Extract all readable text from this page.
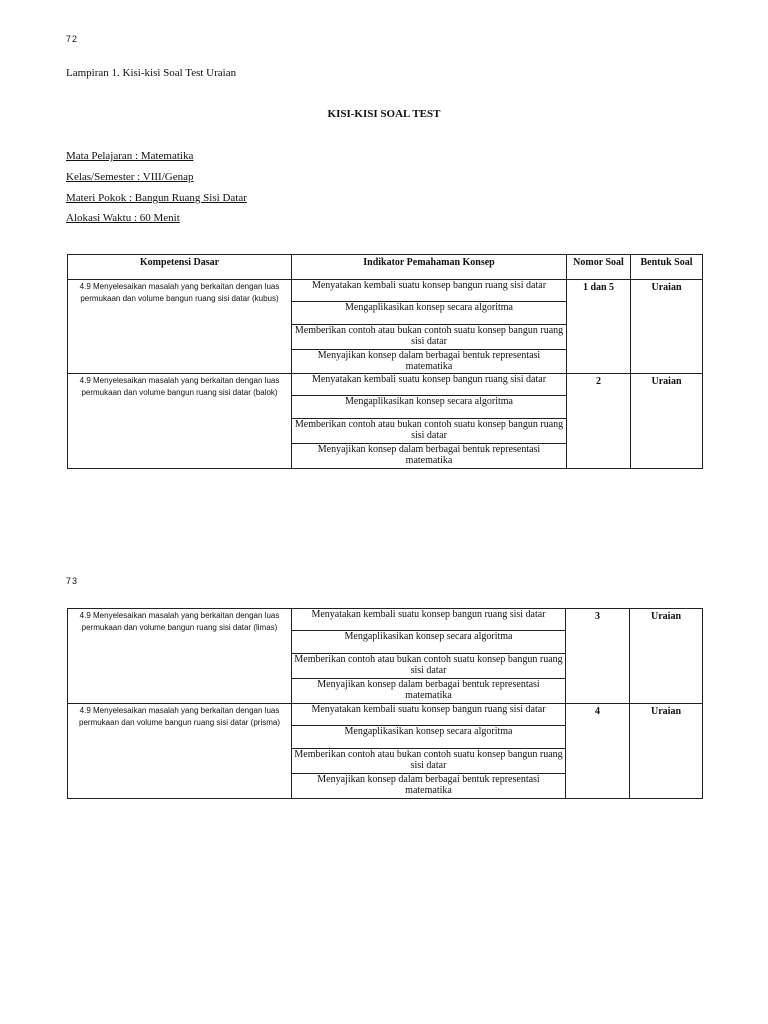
72
Lampiran 1. Kisi-kisi Soal Test Uraian
KISI-KISI SOAL TEST
Mata Pelajaran : Matematika
Kelas/Semester : VIII/Genap
Materi Pokok : Bangun Ruang Sisi Datar
Alokasi Waktu : 60 Menit
Kompetensi Dasar	Indikator Pemahaman Konsep	Nomor Soal	Bentuk Soal
4.9 Menyelesaikan masalah yang berkaitan dengan luas permukaan dan volume bangun ruang sisi datar (kubus)	Menyatakan kembali suatu konsep bangun ruang sisi datar	1 dan 5	Uraian
	Mengaplikasikan konsep secara algoritma		
	Memberikan contoh atau bukan contoh suatu konsep bangun ruang sisi datar		
	Menyajikan konsep dalam berbagai bentuk representasi matematika		
4.9 Menyelesaikan masalah yang berkaitan dengan luas permukaan dan volume bangun ruang sisi datar (balok)	Menyatakan kembali suatu konsep bangun ruang sisi datar	2	Uraian
	Mengaplikasikan konsep secara algoritma		
	Memberikan contoh atau bukan contoh suatu konsep bangun ruang sisi datar		
	Menyajikan konsep dalam berbagai bentuk representasi matematika		
73
4.9 Menyelesaikan masalah yang berkaitan dengan luas permukaan dan volume bangun ruang sisi datar (limas)	Menyatakan kembali suatu konsep bangun ruang sisi datar	3	Uraian
	Mengaplikasikan konsep secara algoritma		
	Memberikan contoh atau bukan contoh suatu konsep bangun ruang sisi datar		
	Menyajikan konsep dalam berbagai bentuk representasi matematika		
4.9 Menyelesaikan masalah yang berkaitan dengan luas permukaan dan volume bangun ruang sisi datar (prisma)	Menyatakan kembali suatu konsep bangun ruang sisi datar	4	Uraian
	Mengaplikasikan konsep secara algoritma		
	Memberikan contoh atau bukan contoh suatu konsep bangun ruang sisi datar		
	Menyajikan konsep dalam berbagai bentuk representasi matematika		
